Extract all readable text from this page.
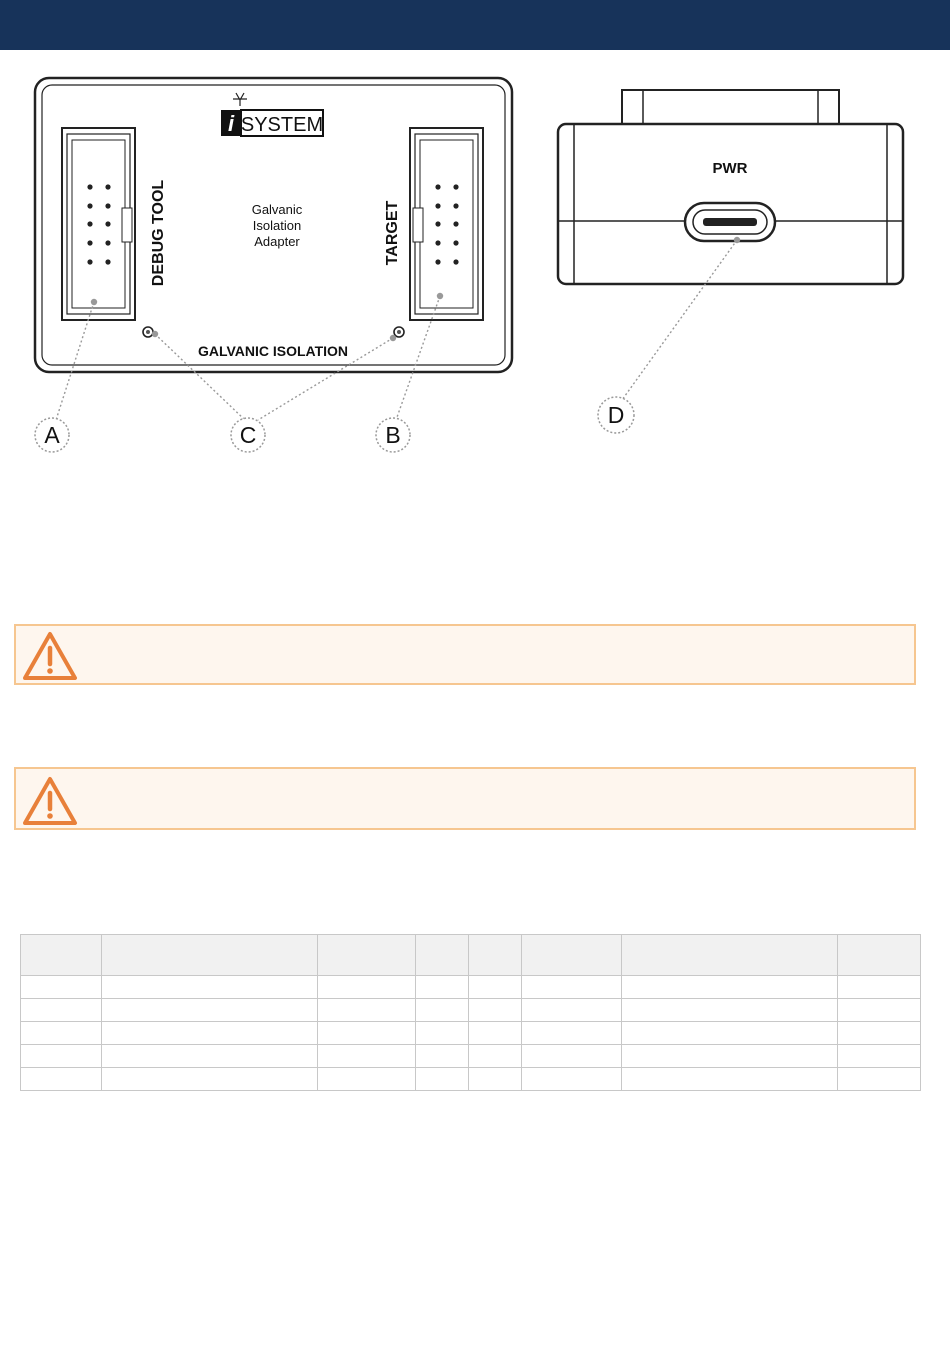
i SYSTEM
DEBUG TOOL	TARGET
Galvanic
Isolation
Adapter
GALVANIC ISOLATION
PWR
A	C	B
D
